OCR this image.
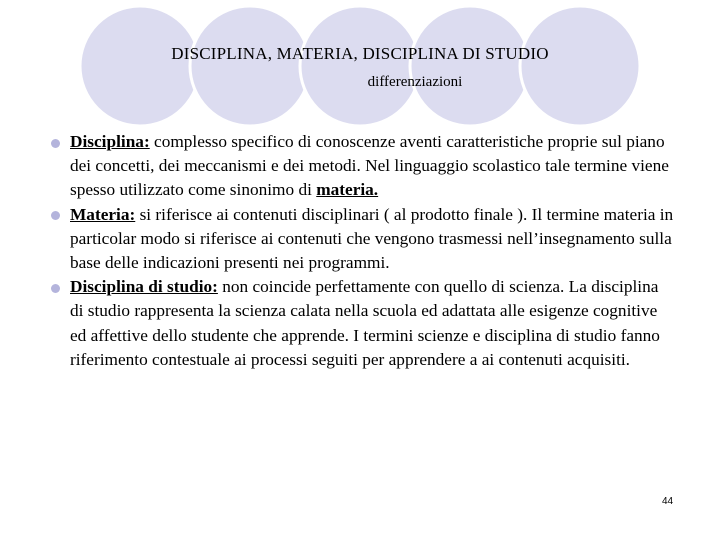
DISCIPLINA, MATERIA, DISCIPLINA DI STUDIO

differenziazioni

Disciplina: complesso specifico di conoscenze aventi caratteristiche proprie sul piano dei concetti, dei meccanismi e dei metodi. Nel linguaggio scolastico tale termine viene spesso utilizzato come sinonimo di materia.
Materia: si riferisce ai contenuti disciplinari ( al prodotto finale ). Il termine materia in particolar modo si riferisce ai contenuti che vengono trasmessi nell’insegnamento sulla base delle indicazioni presenti nei programmi.
Disciplina di studio: non coincide perfettamente con quello di scienza. La disciplina di studio rappresenta la scienza calata nella scuola ed adattata alle esigenze cognitive ed affettive dello studente che apprende. I termini scienze e disciplina di studio fanno riferimento contestuale ai processi seguiti per apprendere a ai contenuti acquisiti.
44
